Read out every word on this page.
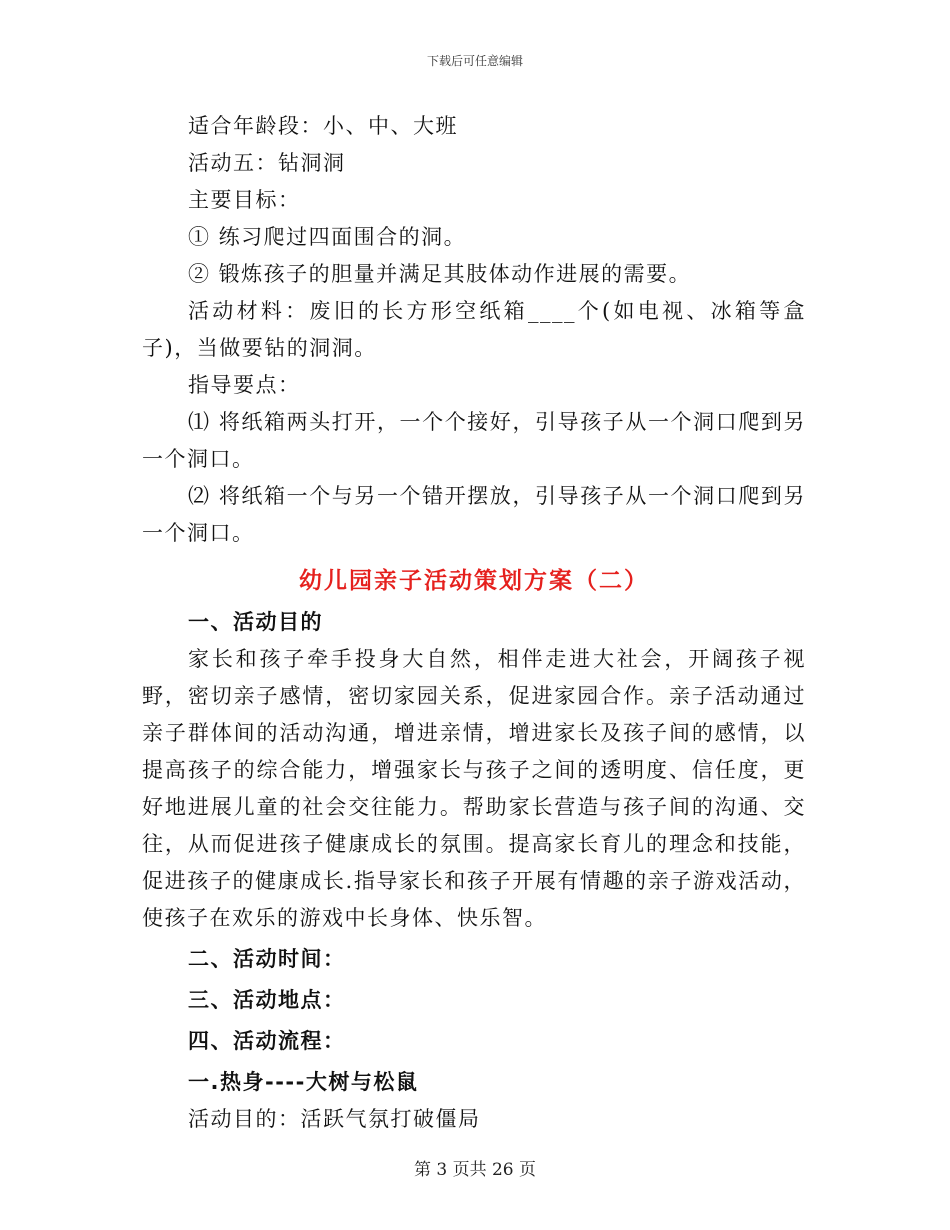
下载后可任意编辑

适合年龄段：小、中、大班

活动五：钻洞洞

主要目标：

① 练习爬过四面围合的洞。

② 锻炼孩子的胆量并满足其肢体动作进展的需要。

活动材料：废旧的长方形空纸箱____个(如电视、冰箱等盒子)，当做要钻的洞洞。

指导要点：

⑴ 将纸箱两头打开，一个个接好，引导孩子从一个洞口爬到另一个洞口。

⑵ 将纸箱一个与另一个错开摆放，引导孩子从一个洞口爬到另一个洞口。

幼儿园亲子活动策划方案（二）

一、活动目的

家长和孩子牵手投身大自然，相伴走进大社会，开阔孩子视野，密切亲子感情，密切家园关系，促进家园合作。亲子活动通过亲子群体间的活动沟通，增进亲情，增进家长及孩子间的感情，以提高孩子的综合能力，增强家长与孩子之间的透明度、信任度，更好地进展儿童的社会交往能力。帮助家长营造与孩子间的沟通、交往，从而促进孩子健康成长的氛围。提高家长育儿的理念和技能，促进孩子的健康成长.指导家长和孩子开展有情趣的亲子游戏活动，使孩子在欢乐的游戏中长身体、快乐智。

二、活动时间：

三、活动地点：

四、活动流程：

一.热身----大树与松鼠

活动目的：活跃气氛打破僵局

第 3 页共 26 页
